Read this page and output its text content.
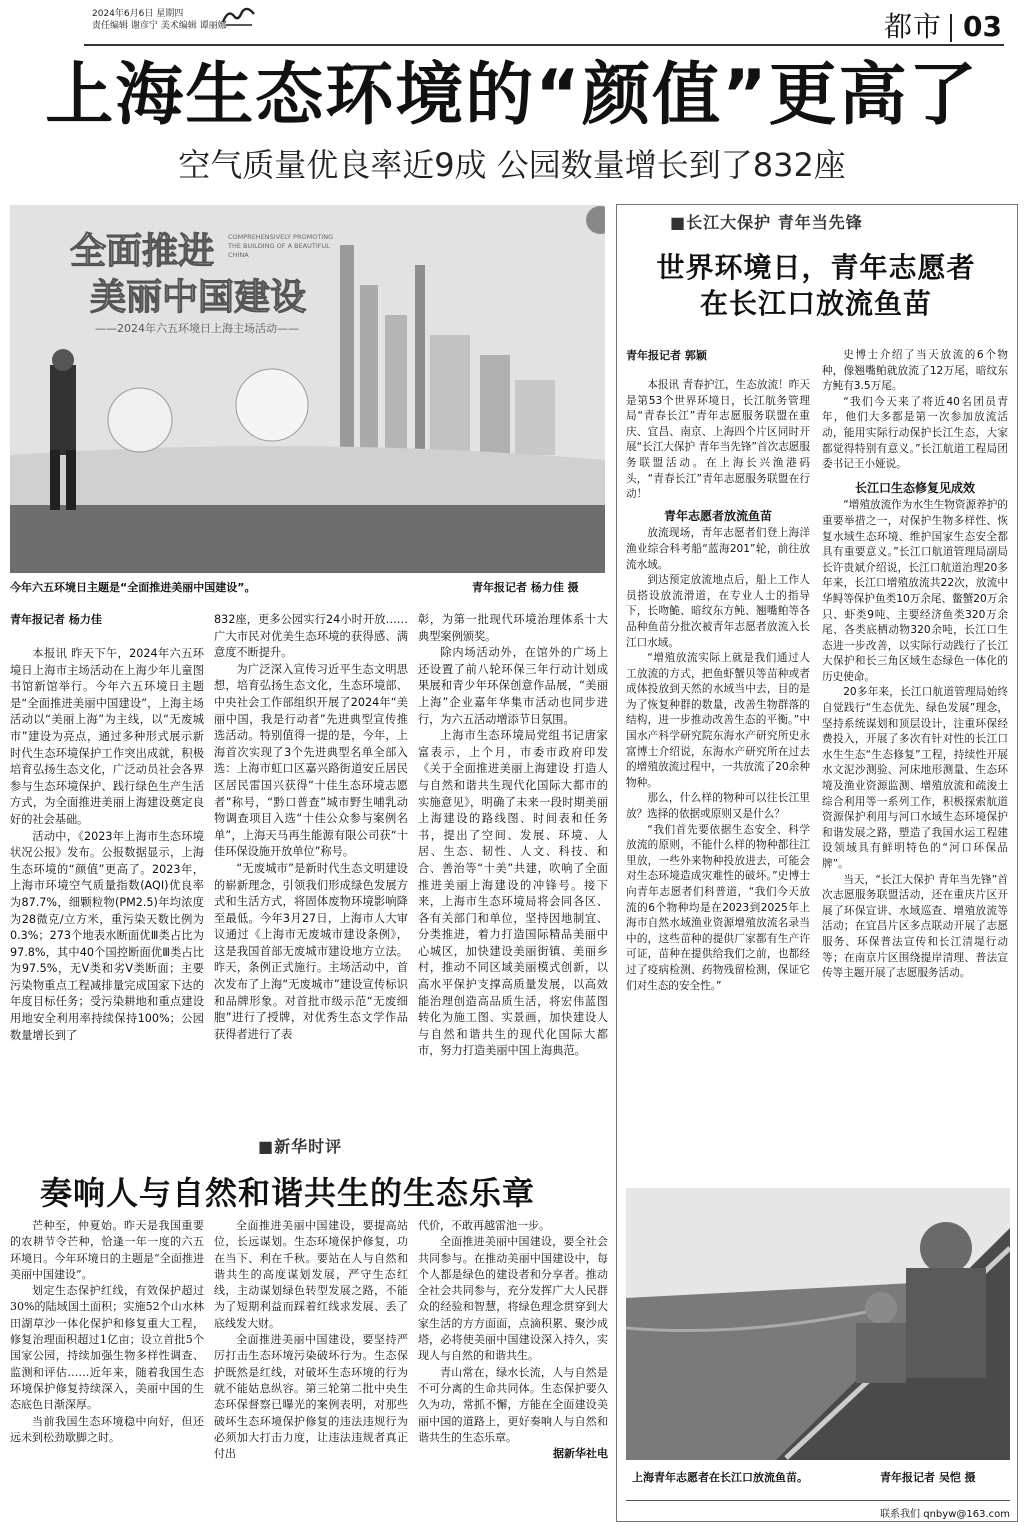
2024年6月6日 星期四
责任编辑 谢彦宁 美术编辑 谭丽娜	都市 03
上海生态环境的“颜值”更高了
空气质量优良率近9成 公园数量增长到了832座
全面推进
美丽中国建设
COMPREHENSIVELY PROMOTING THE BUILDING OF A BEAUTIFUL CHINA
——2024年六五环境日上海主场活动——
今年六五环境日主题是“全面推进美丽中国建设”。	青年报记者 杨力佳 摄
青年报记者 杨力佳

本报讯 昨天下午，2024年六五环境日上海市主场活动在上海少年儿童图书馆新馆举行。今年六五环境日主题是“全面推进美丽中国建设”，上海主场活动以“美丽上海”为主线，以“无废城市”建设为亮点，通过多种形式展示新时代生态环境保护工作突出成就，积极培育弘扬生态文化，广泛动员社会各界参与生态环境保护、践行绿色生产生活方式，为全面推进美丽上海建设奠定良好的社会基础。

活动中，《2023年上海市生态环境状况公报》发布。公报数据显示，上海生态环境的“颜值”更高了。2023年，上海市环境空气质量指数(AQI)优良率为87.7%，细颗粒物(PM2.5)年均浓度为28微克/立方米，重污染天数比例为0.3%；273个地表水断面优Ⅲ类占比为97.8%，其中40个国控断面优Ⅲ类占比为97.5%，无Ⅴ类和劣Ⅴ类断面；主要污染物重点工程减排量完成国家下达的年度目标任务；受污染耕地和重点建设用地安全利用率持续保持100%；公园数量增长到了

832座，更多公园实行24小时开放……广大市民对优美生态环境的获得感、满意度不断提升。

为广泛深入宣传习近平生态文明思想，培育弘扬生态文化，生态环境部、中央社会工作部组织开展了2024年“美丽中国，我是行动者”先进典型宣传推选活动。特别值得一提的是，今年，上海首次实现了3个先进典型名单全部入选：上海市虹口区嘉兴路街道安丘居民区居民雷国兴获得“十佳生态环境志愿者”称号，“黔口普查”城市野生哺乳动物调查项目入选“十佳公众参与案例名单”，上海天马再生能源有限公司获“十佳环保设施开放单位”称号。

“无废城市”是新时代生态文明建设的崭新理念，引领我们形成绿色发展方式和生活方式，将固体废物环境影响降至最低。今年3月27日，上海市人大审议通过《上海市无废城市建设条例》，这是我国首部无废城市建设地方立法。昨天，条例正式施行。主场活动中，首次发布了上海“无废城市”建设宣传标识和品牌形象。对首批市级示范“无废细胞”进行了授牌，对优秀生态文学作品获得者进行了表

彰，为第一批现代环境治理体系十大典型案例颁奖。

除内场活动外，在馆外的广场上还设置了前八轮环保三年行动计划成果展和青少年环保创意作品展，“美丽上海”企业嘉年华集市活动也同步进行，为六五活动增添节日氛围。

上海市生态环境局党组书记唐家富表示，上个月，市委市政府印发《关于全面推进美丽上海建设 打造人与自然和谐共生现代化国际大都市的实施意见》，明确了未来一段时期美丽上海建设的路线图、时间表和任务书，提出了空间、发展、环境、人居、生态、韧性、人文、科技、和合、善治等“十美”共建，吹响了全面推进美丽上海建设的冲锋号。接下来，上海市生态环境局将会同各区、各有关部门和单位，坚持因地制宜、分类推进，着力打造国际精品美丽中心城区，加快建设美丽街镇、美丽乡村，推动不同区域美丽模式创新，以高水平保护支撑高质量发展，以高效能治理创造高品质生活，将宏伟蓝图转化为施工图、实景画，加快建设人与自然和谐共生的现代化国际大都市，努力打造美丽中国上海典范。

■新华时评
奏响人与自然和谐共生的生态乐章

芒种至，仲夏始。昨天是我国重要的农耕节令芒种，恰逢一年一度的六五环境日。今年环境日的主题是“全面推进美丽中国建设”。

划定生态保护红线，有效保护超过30%的陆域国土面积；实施52个山水林田湖草沙一体化保护和修复重大工程，修复治理面积超过1亿亩；设立首批5个国家公园，持续加强生物多样性调查、监测和评估……近年来，随着我国生态环境保护修复持续深入，美丽中国的生态底色日渐深厚。

当前我国生态环境稳中向好，但还远未到松劲歇脚之时。

全面推进美丽中国建设，要提高站位，长远谋划。生态环境保护修复，功在当下、利在千秋。要站在人与自然和谐共生的高度谋划发展，严守生态红线，主动谋划绿色转型发展之路，不能为了短期利益而踩着红线求发展、丢了底线发大财。

全面推进美丽中国建设，要坚持严厉打击生态环境污染破坏行为。生态保护既然是红线，对破坏生态环境的行为就不能姑息纵容。第三轮第二批中央生态环保督察已曝光的案例表明，对那些破坏生态环境保护修复的违法违规行为必须加大打击力度，让违法违规者真正付出

代价，不敢再越雷池一步。

全面推进美丽中国建设，要全社会共同参与。在推动美丽中国建设中，每个人都是绿色的建设者和分享者。推动全社会共同参与，充分发挥广大人民群众的经验和智慧，将绿色理念贯穿到大家生活的方方面面，点滴积累、聚沙成塔，必将使美丽中国建设深入持久，实现人与自然的和谐共生。

青山常在，绿水长流，人与自然是不可分离的生命共同体。生态保护要久久为功，常抓不懈，方能在全面建设美丽中国的道路上，更好奏响人与自然和谐共生的生态乐章。

据新华社电
■长江大保护 青年当先锋
世界环境日，青年志愿者
在长江口放流鱼苗
青年报记者 郭颖

本报讯 青春护江，生态放流！昨天是第53个世界环境日，长江航务管理局“青春长江”青年志愿服务联盟在重庆、宜昌、南京、上海四个片区同时开展“长江大保护 青年当先锋”首次志愿服务联盟活动。在上海长兴渔港码头，“青春长江”青年志愿服务联盟在行动！

青年志愿者放流鱼苗

放流现场，青年志愿者们登上海洋渔业综合科考船“蓝海201”轮，前往放流水域。

到达预定放流地点后，船上工作人员搭设放流滑道，在专业人士的指导下，长吻鮠、暗纹东方鲀、翘嘴鲌等各品种鱼苗分批次被青年志愿者放流入长江口水域。

“增殖放流实际上就是我们通过人工放流的方式，把鱼虾蟹贝等苗种或者成体投放到天然的水域当中去，目的是为了恢复种群的数量，改善生物群落的结构，进一步推动改善生态的平衡。”中国水产科学研究院东海水产研究所史永富博士介绍说，东海水产研究所在过去的增殖放流过程中，一共放流了20余种物种。

那么，什么样的物种可以往长江里放？选择的依据或原则又是什么？

“我们首先要依据生态安全、科学放流的原则，不能什么样的物种都往江里放，一些外来物种投放进去，可能会对生态环境造成灾难性的破坏。”史博士向青年志愿者们科普道，“我们今天放流的6个物种均是在2023到2025年上海市自然水域渔业资源增殖放流名录当中的，这些苗种的提供厂家都有生产许可证，苗种在提供给我们之前，也都经过了疫病检测、药物残留检测，保证它们对生态的安全性。”

史博士介绍了当天放流的6个物种，像翘嘴鲌就放流了12万尾，暗纹东方鲀有3.5万尾。

“我们今天来了将近40名团员青年，他们大多都是第一次参加放流活动，能用实际行动保护长江生态，大家都觉得特别有意义。”长江航道工程局团委书记王小娅说。

长江口生态修复见成效

“增殖放流作为水生生物资源养护的重要举措之一，对保护生物多样性、恢复水域生态环境、维护国家生态安全都具有重要意义。”长江口航道管理局副局长许贵斌介绍说，长江口航道治理20多年来，长江口增殖放流共22次，放流中华鲟等保护鱼类10万余尾、鳖蟹20万余只、虾类9吨、主要经济鱼类320万余尾、各类底栖动物320余吨，长江口生态进一步改善，以实际行动践行了长江大保护和长三角区域生态绿色一体化的历史使命。

20多年来，长江口航道管理局始终自觉践行“生态优先、绿色发展”理念，坚持系统谋划和顶层设计，注重环保经费投入，开展了多次有针对性的长江口水生生态“生态修复”工程，持续性开展水文泥沙测验、河床地形测量、生态环境及渔业资源监测、增殖放流和疏浚土综合利用等一系列工作，积极探索航道资源保护利用与河口水域生态环境保护和谐发展之路，塑造了我国水运工程建设领域具有鲜明特色的“河口环保品牌”。

当天，“长江大保护 青年当先锋”首次志愿服务联盟活动，还在重庆片区开展了环保宣讲、水域巡查、增殖放流等活动；在宜昌片区多点联动开展了志愿服务、环保普法宣传和长江清堤行动等；在南京片区围绕提岸清理、普法宣传等主题开展了志愿服务活动。

上海青年志愿者在长江口放流鱼苗。	青年报记者 吴恺 摄
联系我们 qnbyw@163.com
